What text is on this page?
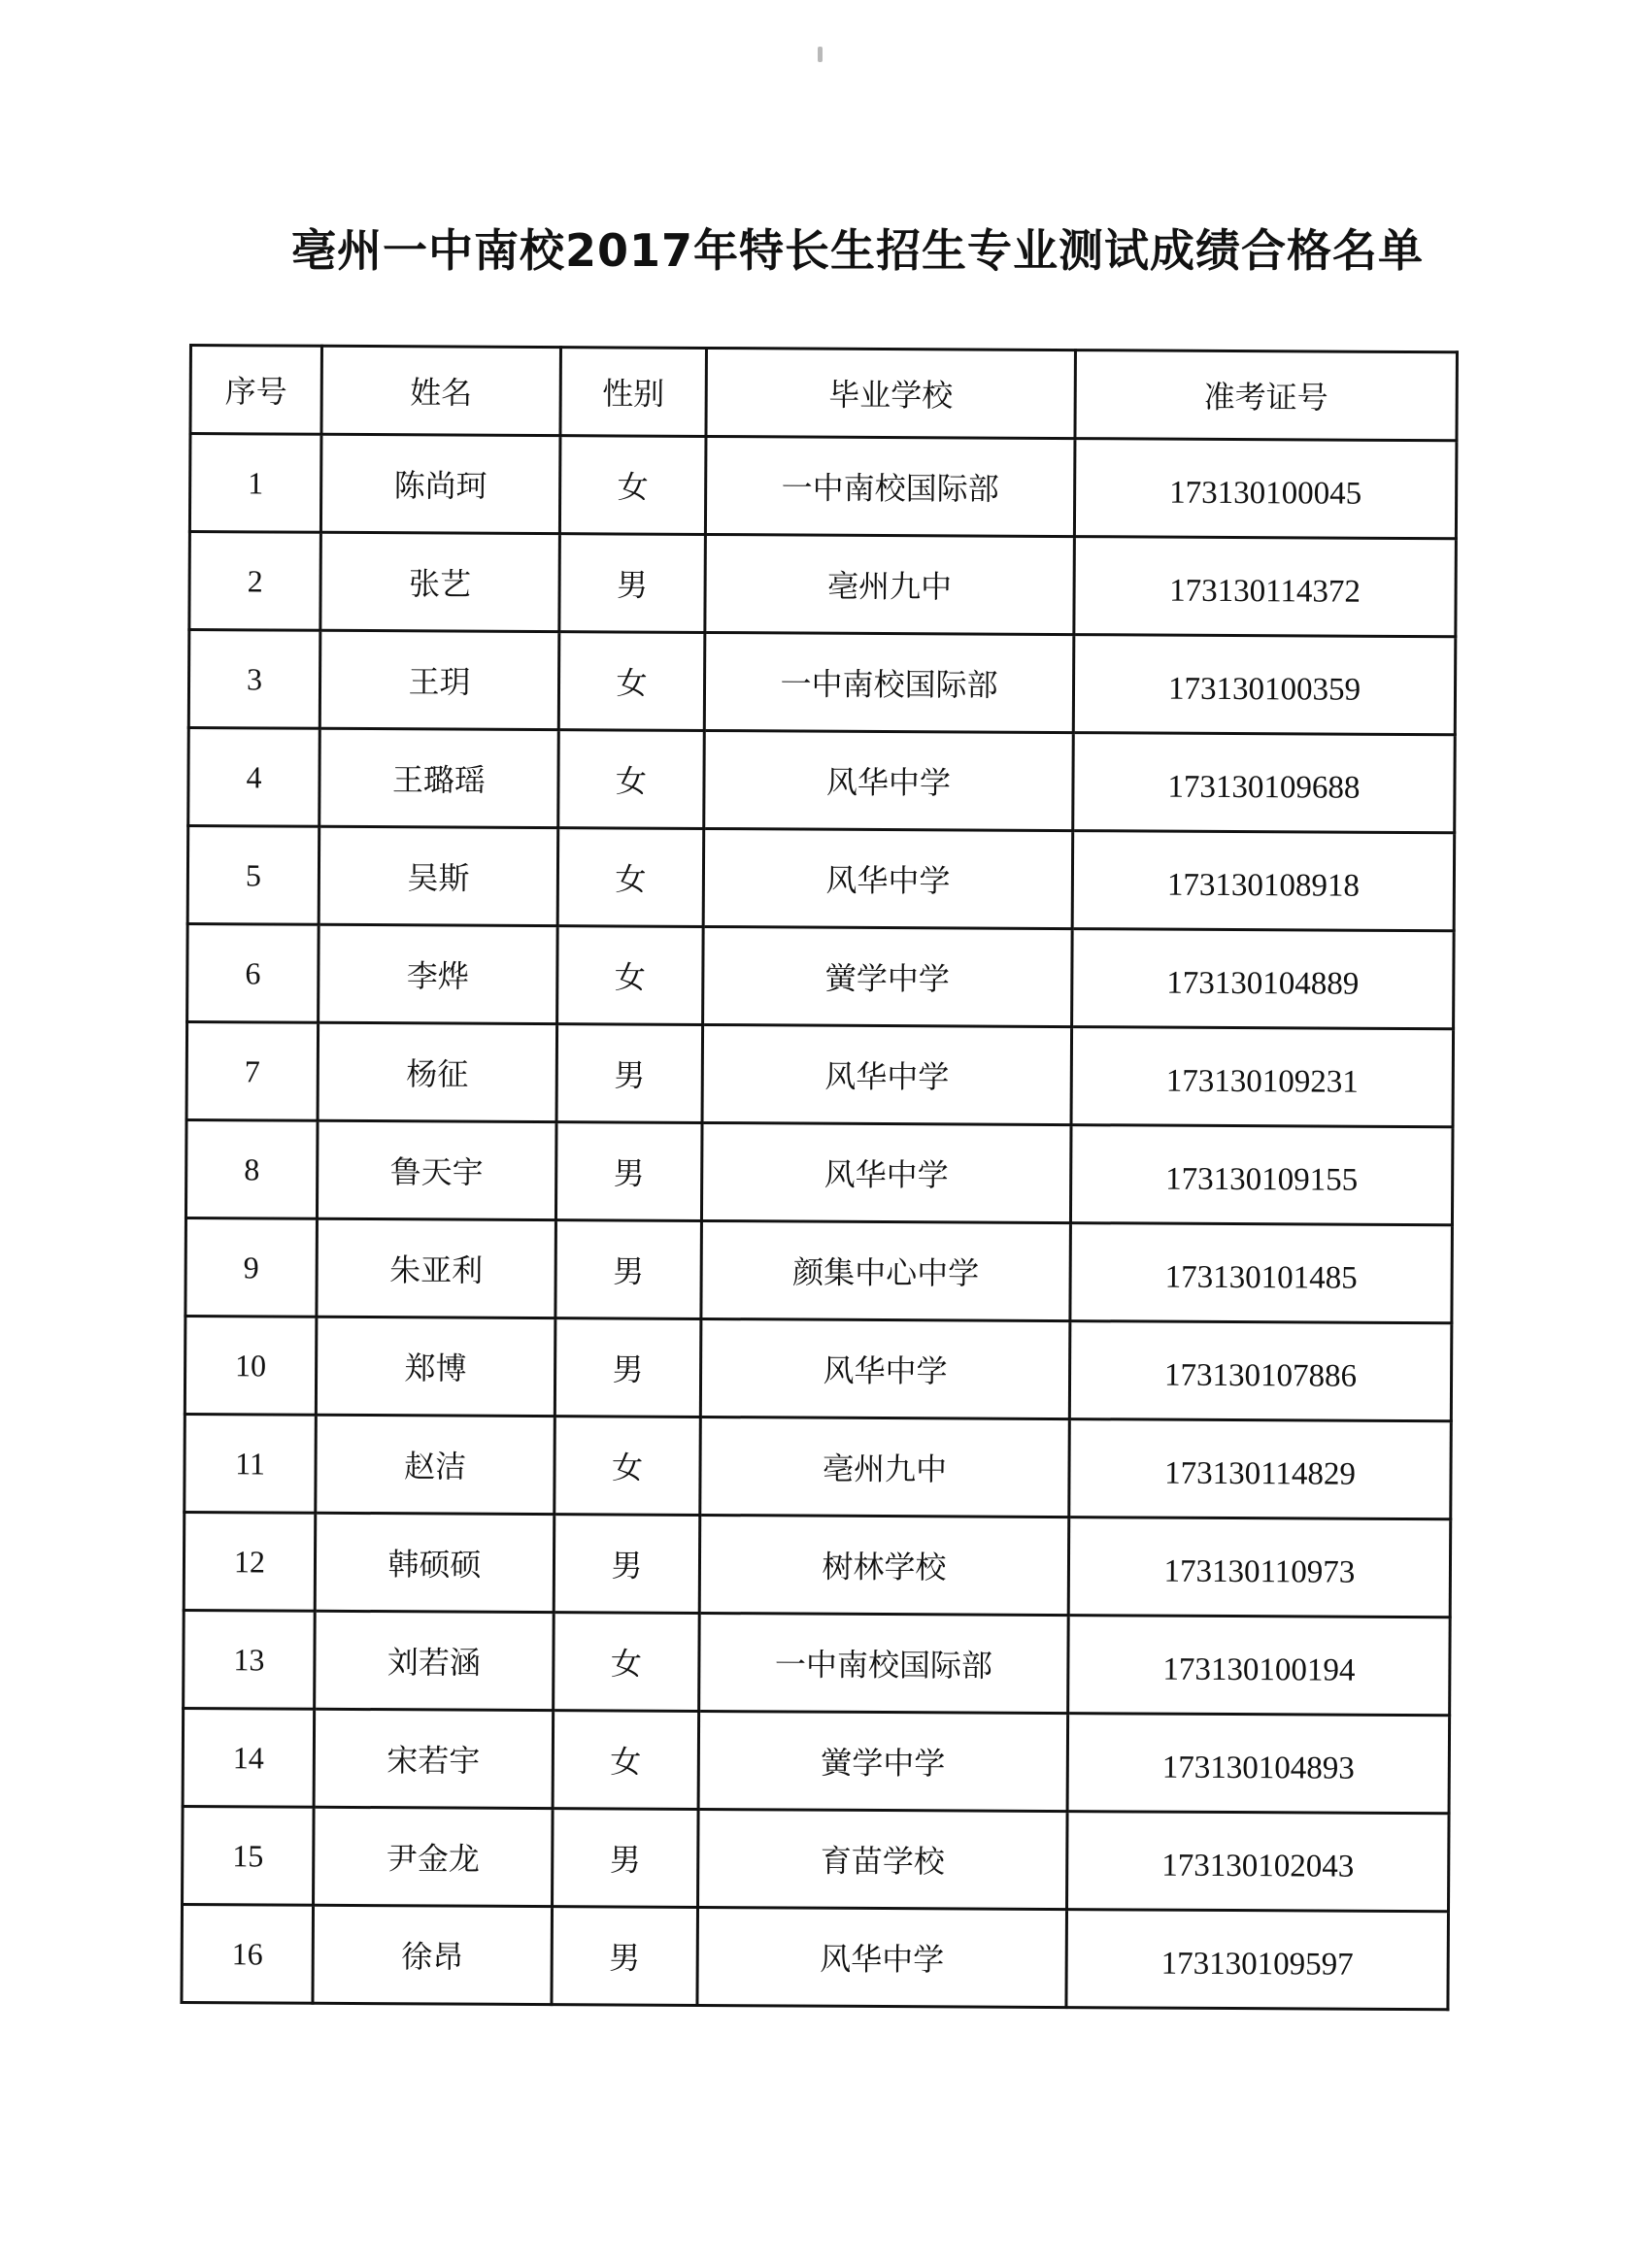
亳州一中南校2017年特长生招生专业测试成绩合格名单
序号	姓名	性别	毕业学校	准考证号
1	陈尚珂	女	一中南校国际部	173130100045
2	张艺	男	亳州九中	173130114372
3	王玥	女	一中南校国际部	173130100359
4	王璐瑶	女	风华中学	173130109688
5	吴斯	女	风华中学	173130108918
6	李烨	女	黉学中学	173130104889
7	杨征	男	风华中学	173130109231
8	鲁天宇	男	风华中学	173130109155
9	朱亚利	男	颜集中心中学	173130101485
10	郑博	男	风华中学	173130107886
11	赵洁	女	亳州九中	173130114829
12	韩硕硕	男	树林学校	173130110973
13	刘若涵	女	一中南校国际部	173130100194
14	宋若宇	女	黉学中学	173130104893
15	尹金龙	男	育苗学校	173130102043
16	徐昂	男	风华中学	173130109597
